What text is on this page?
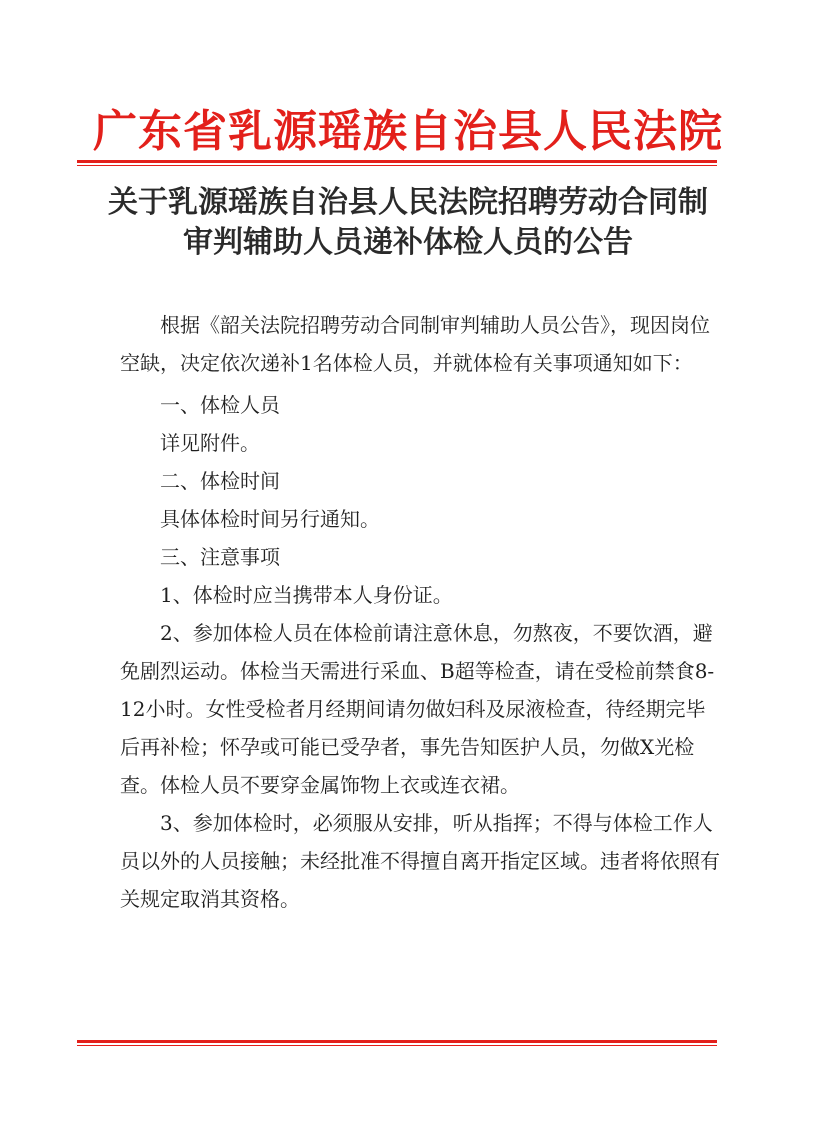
广东省乳源瑶族自治县人民法院
关于乳源瑶族自治县人民法院招聘劳动合同制
审判辅助人员递补体检人员的公告

根据《韶关法院招聘劳动合同制审判辅助人员公告》，现因岗位空缺，决定依次递补1名体检人员，并就体检有关事项通知如下：

一、体检人员

详见附件。

二、体检时间

具体体检时间另行通知。

三、注意事项

1、体检时应当携带本人身份证。

2、参加体检人员在体检前请注意休息，勿熬夜，不要饮酒，避免剧烈运动。体检当天需进行采血、B超等检查，请在受检前禁食8-12小时。女性受检者月经期间请勿做妇科及尿液检查，待经期完毕后再补检；怀孕或可能已受孕者，事先告知医护人员，勿做X光检查。体检人员不要穿金属饰物上衣或连衣裙。

3、参加体检时，必须服从安排，听从指挥；不得与体检工作人员以外的人员接触；未经批准不得擅自离开指定区域。违者将依照有关规定取消其资格。
